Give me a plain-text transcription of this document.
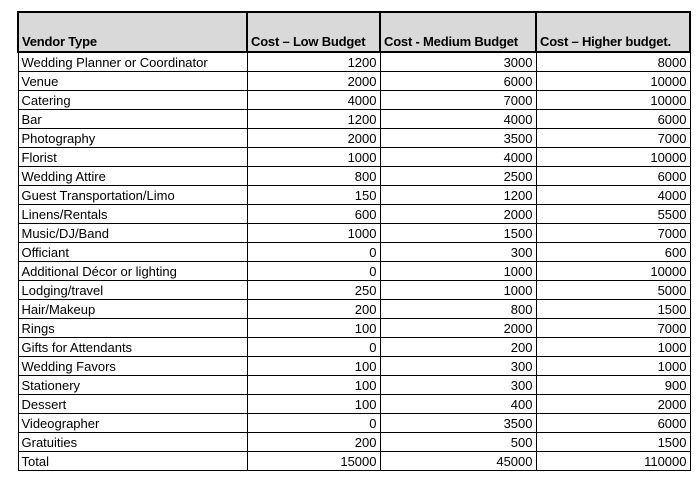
Vendor Type	Cost – Low Budget	Cost - Medium Budget	Cost – Higher budget.
Wedding Planner or Coordinator	1200	3000	8000
Venue	2000	6000	10000
Catering	4000	7000	10000
Bar	1200	4000	6000
Photography	2000	3500	7000
Florist	1000	4000	10000
Wedding Attire	800	2500	6000
Guest Transportation/Limo	150	1200	4000
Linens/Rentals	600	2000	5500
Music/DJ/Band	1000	1500	7000
Officiant	0	300	600
Additional Décor or lighting	0	1000	10000
Lodging/travel	250	1000	5000
Hair/Makeup	200	800	1500
Rings	100	2000	7000
Gifts for Attendants	0	200	1000
Wedding Favors	100	300	1000
Stationery	100	300	900
Dessert	100	400	2000
Videographer	0	3500	6000
Gratuities	200	500	1500
Total	15000	45000	110000
